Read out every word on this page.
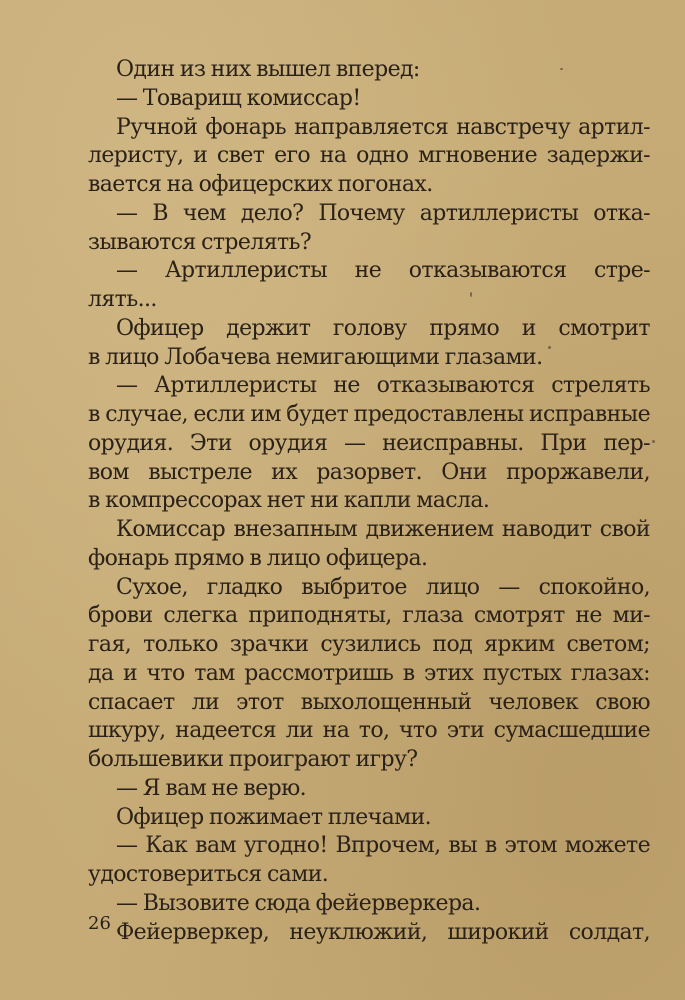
Один из них вышел вперед:
— Товарищ комиссар!
Ручной фонарь направляется навстречу артил-
леристу, и свет его на одно мгновение задержи-
вается на офицерских погонах.
— В чем дело? Почему артиллеристы отка-
зываются стрелять?
— Артиллеристы не отказываются стре-
лять...
Офицер держит голову прямо и смотрит
в лицо Лобачева немигающими глазами.
— Артиллеристы не отказываются стрелять
в случае, если им будет предоставлены исправные
орудия. Эти орудия — неисправны. При пер-
вом выстреле их разорвет. Они проржавели,
в компрессорах нет ни капли масла.
Комиссар внезапным движением наводит свой
фонарь прямо в лицо офицера.
Сухое, гладко выбритое лицо — спокойно,
брови слегка приподняты, глаза смотрят не ми-
гая, только зрачки сузились под ярким светом;
да и что там рассмотришь в этих пустых глазах:
спасает ли этот выхолощенный человек свою
шкуру, надеется ли на то, что эти сумасшедшие
большевики проиграют игру?
— Я вам не верю.
Офицер пожимает плечами.
— Как вам угодно! Впрочем, вы в этом можете
удостовериться сами.
— Вызовите сюда фейерверкера.
Фейерверкер, неуклюжий, широкий солдат,
26
